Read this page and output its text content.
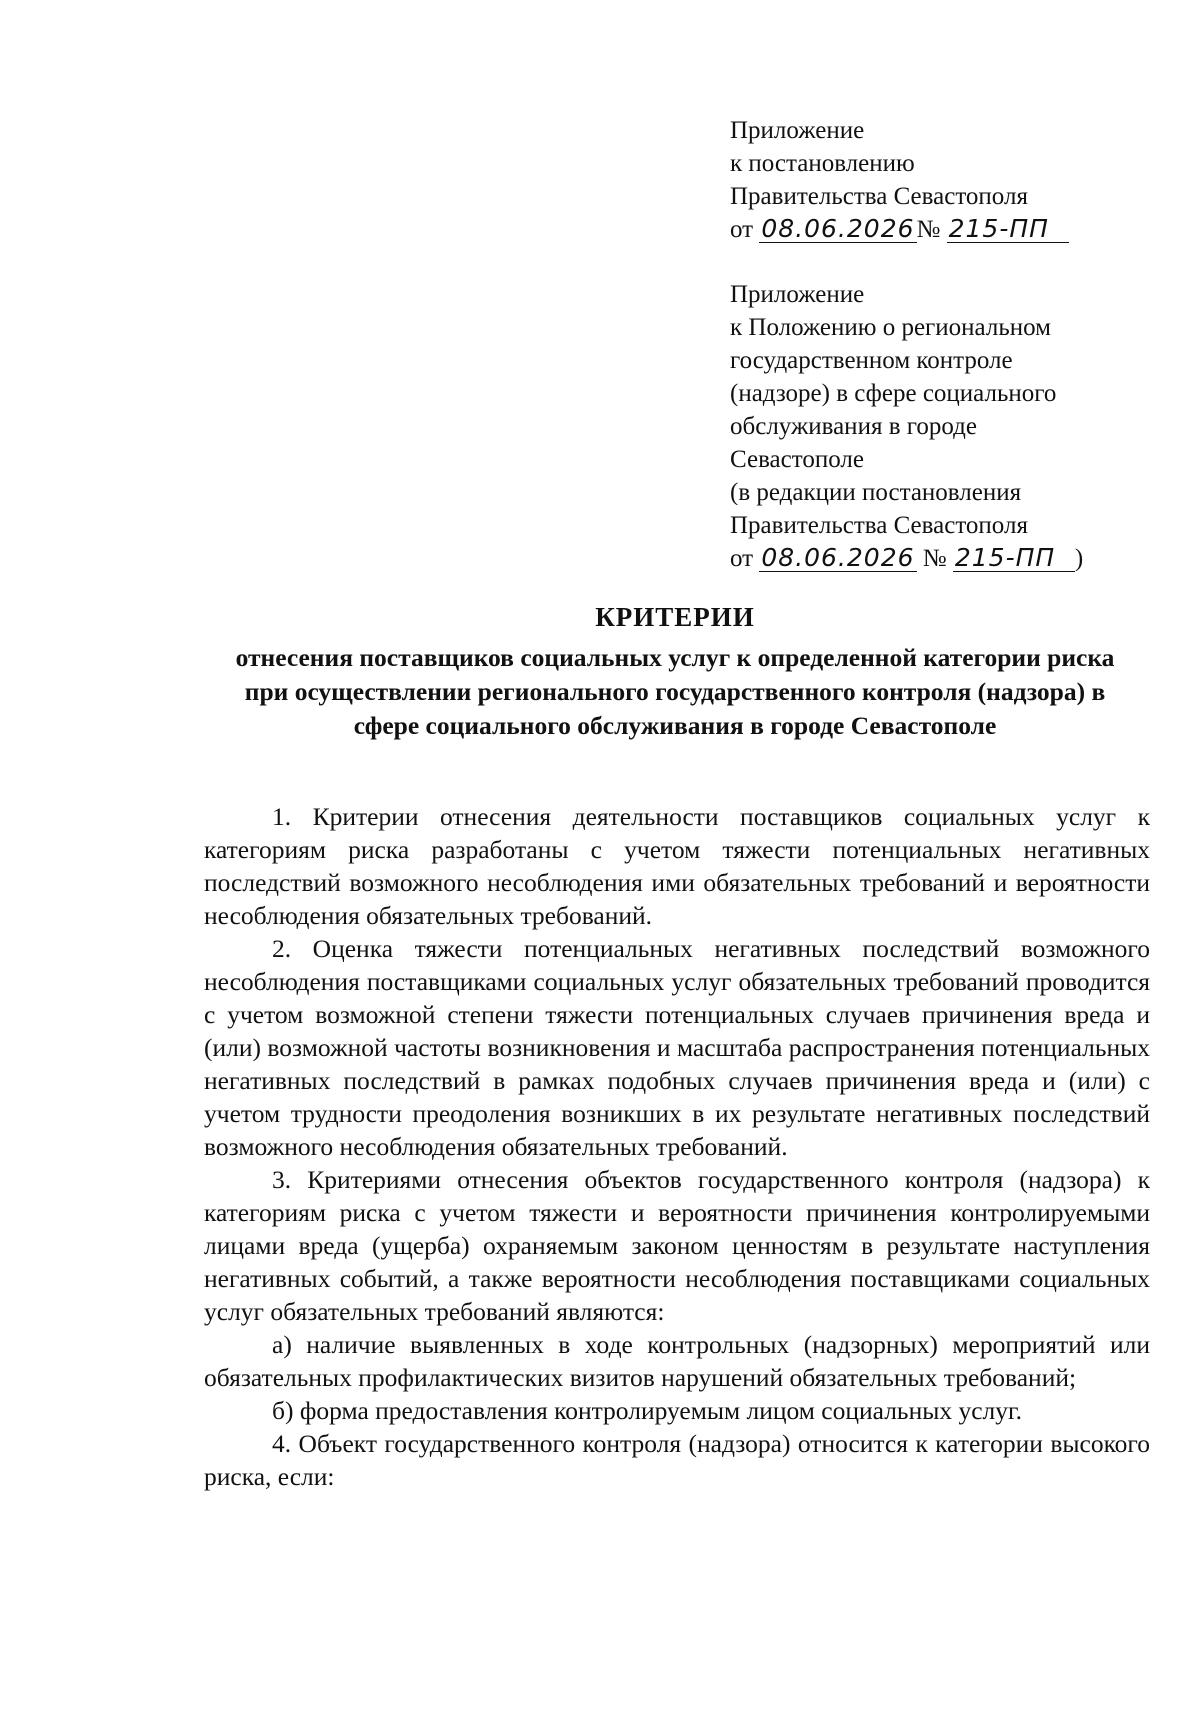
Приложение
к постановлению
Правительства Севастополя
от 08.06.2026№ 215-ПП
Приложение
к Положению о региональном
государственном контроле
(надзоре) в сфере социального
обслуживания в городе
Севастополе
(в редакции постановления
Правительства Севастополя
от 08.06.2026 № 215-ПП )
КРИТЕРИИ
отнесения поставщиков социальных услуг к определенной категории риска при осуществлении регионального государственного контроля (надзора) в сфере социального обслуживания в городе Севастополе

1. Критерии отнесения деятельности поставщиков социальных услуг к категориям риска разработаны с учетом тяжести потенциальных негативных последствий возможного несоблюдения ими обязательных требований и вероятности несоблюдения обязательных требований.

2. Оценка тяжести потенциальных негативных последствий возможного несоблюдения поставщиками социальных услуг обязательных требований проводится с учетом возможной степени тяжести потенциальных случаев причинения вреда и (или) возможной частоты возникновения и масштаба распространения потенциальных негативных последствий в рамках подобных случаев причинения вреда и (или) с учетом трудности преодоления возникших в их результате негативных последствий возможного несоблюдения обязательных требований.

3. Критериями отнесения объектов государственного контроля (надзора) к категориям риска с учетом тяжести и вероятности причинения контролируемыми лицами вреда (ущерба) охраняемым законом ценностям в результате наступления негативных событий, а также вероятности несоблюдения поставщиками социальных услуг обязательных требований являются:

а) наличие выявленных в ходе контрольных (надзорных) мероприятий или обязательных профилактических визитов нарушений обязательных требований;

б) форма предоставления контролируемым лицом социальных услуг.

4. Объект государственного контроля (надзора) относится к категории высокого риска, если:
